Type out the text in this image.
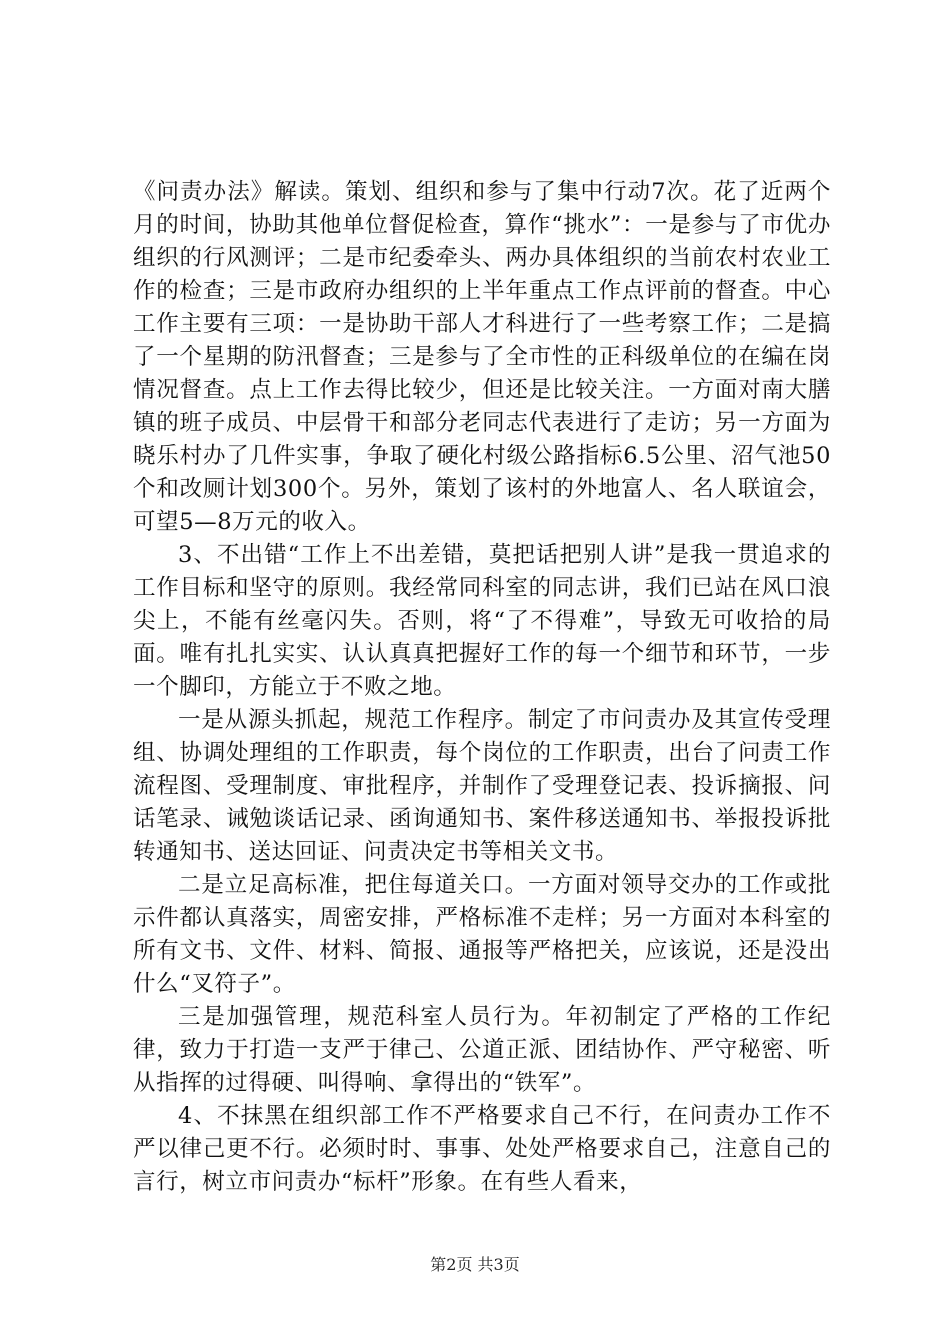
《问责办法》解读。策划、组织和参与了集中行动7次。花了近两个月的时间，协助其他单位督促检查，算作“挑水”：一是参与了市优办组织的行风测评；二是市纪委牵头、两办具体组织的当前农村农业工作的检查；三是市政府办组织的上半年重点工作点评前的督查。中心工作主要有三项：一是协助干部人才科进行了一些考察工作；二是搞了一个星期的防汛督查；三是参与了全市性的正科级单位的在编在岗情况督查。点上工作去得比较少，但还是比较关注。一方面对南大膳镇的班子成员、中层骨干和部分老同志代表进行了走访；另一方面为晓乐村办了几件实事，争取了硬化村级公路指标6.5公里、沼气池50个和改厕计划300个。另外，策划了该村的外地富人、名人联谊会，可望5—8万元的收入。

3、不出错“工作上不出差错，莫把话把别人讲”是我一贯追求的工作目标和坚守的原则。我经常同科室的同志讲，我们已站在风口浪尖上，不能有丝毫闪失。否则，将“了不得难”，导致无可收拾的局面。唯有扎扎实实、认认真真把握好工作的每一个细节和环节，一步一个脚印，方能立于不败之地。

一是从源头抓起，规范工作程序。制定了市问责办及其宣传受理组、协调处理组的工作职责，每个岗位的工作职责，出台了问责工作流程图、受理制度、审批程序，并制作了受理登记表、投诉摘报、问话笔录、诫勉谈话记录、函询通知书、案件移送通知书、举报投诉批转通知书、送达回证、问责决定书等相关文书。

二是立足高标准，把住每道关口。一方面对领导交办的工作或批示件都认真落实，周密安排，严格标准不走样；另一方面对本科室的所有文书、文件、材料、简报、通报等严格把关，应该说，还是没出什么“叉符子”。

三是加强管理，规范科室人员行为。年初制定了严格的工作纪律，致力于打造一支严于律己、公道正派、团结协作、严守秘密、听从指挥的过得硬、叫得响、拿得出的“铁军”。

4、不抹黑在组织部工作不严格要求自己不行，在问责办工作不严以律己更不行。必须时时、事事、处处严格要求自己，注意自己的言行，树立市问责办“标杆”形象。在有些人看来，

第2页 共3页
